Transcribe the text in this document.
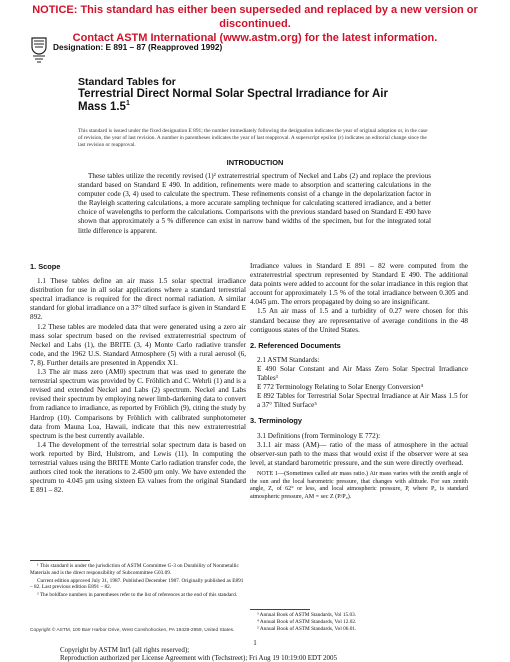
NOTICE: This standard has either been superseded and replaced by a new version or discontinued.
Contact ASTM International (www.astm.org) for the latest information.
Designation: E 891 – 87 (Reapproved 1992)
Standard Tables for
Terrestrial Direct Normal Solar Spectral Irradiance for Air
Mass $1.5^1$
This standard is issued under the fixed designation E 891; the number immediately following the designation indicates the year of original adoption or, in the case of revision, the year of last revision. A number in parentheses indicates the year of last reapproval. A superscript epsilon (ε) indicates an editorial change since the last revision or reapproval.
INTRODUCTION
These tables utilize the recently revised (1)² extraterrestrial spectrum of Neckel and Labs (2) and replace the previous standard based on Standard E 490. In addition, refinements were made to absorption and scattering calculations in the computer code (3, 4) used to calculate the spectrum. These refinements consist of a change in the depolarization factor in the Rayleigh scattering calculations, a more accurate sampling technique for calculating scattered irradiance, and a better choice of wavelengths to perform the calculations. Comparisons with the previous standard based on Standard E 490 have shown that approximately a 5 % difference can exist in narrow band widths of the specimen, but for the integrated total little difference is apparent.

1. Scope

1.1 These tables define an air mass 1.5 solar spectral irradiance distribution for use in all solar applications where a standard terrestrial spectral irradiance is required for the direct normal radiation. A similar standard for global irradiance on a 37° tilted surface is given in Standard E 892.

1.2 These tables are modeled data that were generated using a zero air mass solar spectrum based on the revised extraterrestrial spectrum of Neckel and Labs (1), the BRITE (3, 4) Monte Carlo radiative transfer code, and the 1962 U.S. Standard Atmosphere (5) with a rural aerosol (6, 7, 8). Further details are presented in Appendix X1.

1.3 The air mass zero (AM0) spectrum that was used to generate the terrestrial spectrum was provided by C. Fröhlich and C. Wehrli (1) and is a revised and extended Neckel and Labs (2) spectrum. Neckel and Labs revised their spectrum by employing newer limb-darkening data to convert from radiance to irradiance, as reported by Fröhlich (9), citing the study by Hardrop (10). Comparisons by Fröhlich with calibrated sunphotometer data from Mauna Loa, Hawaii, indicate that this new extraterrestrial spectrum is the best currently available.

1.4 The development of the terrestrial solar spectrum data is based on work reported by Bird, Hulstrom, and Lewis (11). In computing the terrestrial values using the BRITE Monte Carlo radiation transfer code, the authors cited took the iterations to 2.4500 μm only. We have extended the spectrum to 4.045 μm using sixteen Eλ values from the original Standard E 891 – 82.

Irradiance values in Standard E 891 – 82 were computed from the extraterrestrial spectrum represented by Standard E 490. The additional data points were added to account for the solar irradiance in this region that account for approximately 1.5 % of the total irradiance between 0.305 and 4.045 μm. The errors propagated by doing so are insignificant.

1.5 An air mass of 1.5 and a turbidity of 0.27 were chosen for this standard because they are representative of average conditions in the 48 contiguous states of the United States.

2. Referenced Documents

2.1 ASTM Standards:

E 490 Solar Constant and Air Mass Zero Solar Spectral Irradiance Tables³

E 772 Terminology Relating to Solar Energy Conversion⁴

E 892 Tables for Terrestrial Solar Spectral Irradiance at Air Mass 1.5 for a 37° Tilted Surface⁵

3. Terminology

3.1 Definitions (from Terminology E 772):

3.1.1 air mass (AM)— ratio of the mass of atmosphere in the actual observer-sun path to the mass that would exist if the observer were at sea level, at standard barometric pressure, and the sun were directly overhead.

NOTE 1—(Sometimes called air mass ratio.) Air mass varies with the zenith angle of the sun and the local barometric pressure, that changes with altitude. For sun zenith angle, Z, of 62° or less, and local atmospheric pressure, P, where P₀ is standard atmospheric pressure, AM = sec Z (P/P₀).

¹ This standard is under the jurisdiction of ASTM Committee G-3 on Durability of Nonmetallic Materials and is the direct responsibility of Subcommittee G03.09.

Current edition approved July 31, 1987. Published December 1987. Originally published as E891 – 82. Last previous edition E891 – 82.

² The boldface numbers in parentheses refer to the list of references at the end of this standard.

³ Annual Book of ASTM Standards, Vol 15.03.

⁴ Annual Book of ASTM Standards, Vol 12.02.

⁵ Annual Book of ASTM Standards, Vol 06.01.

Copyright © ASTM, 100 Barr Harbor Drive, West Conshohocken, PA 19428-2959, United States.
1
Copyright by ASTM Int'l (all rights reserved);
Reproduction authorized per License Agreement with (Techstreet); Fri Aug 19 10:19:00 EDT 2005
